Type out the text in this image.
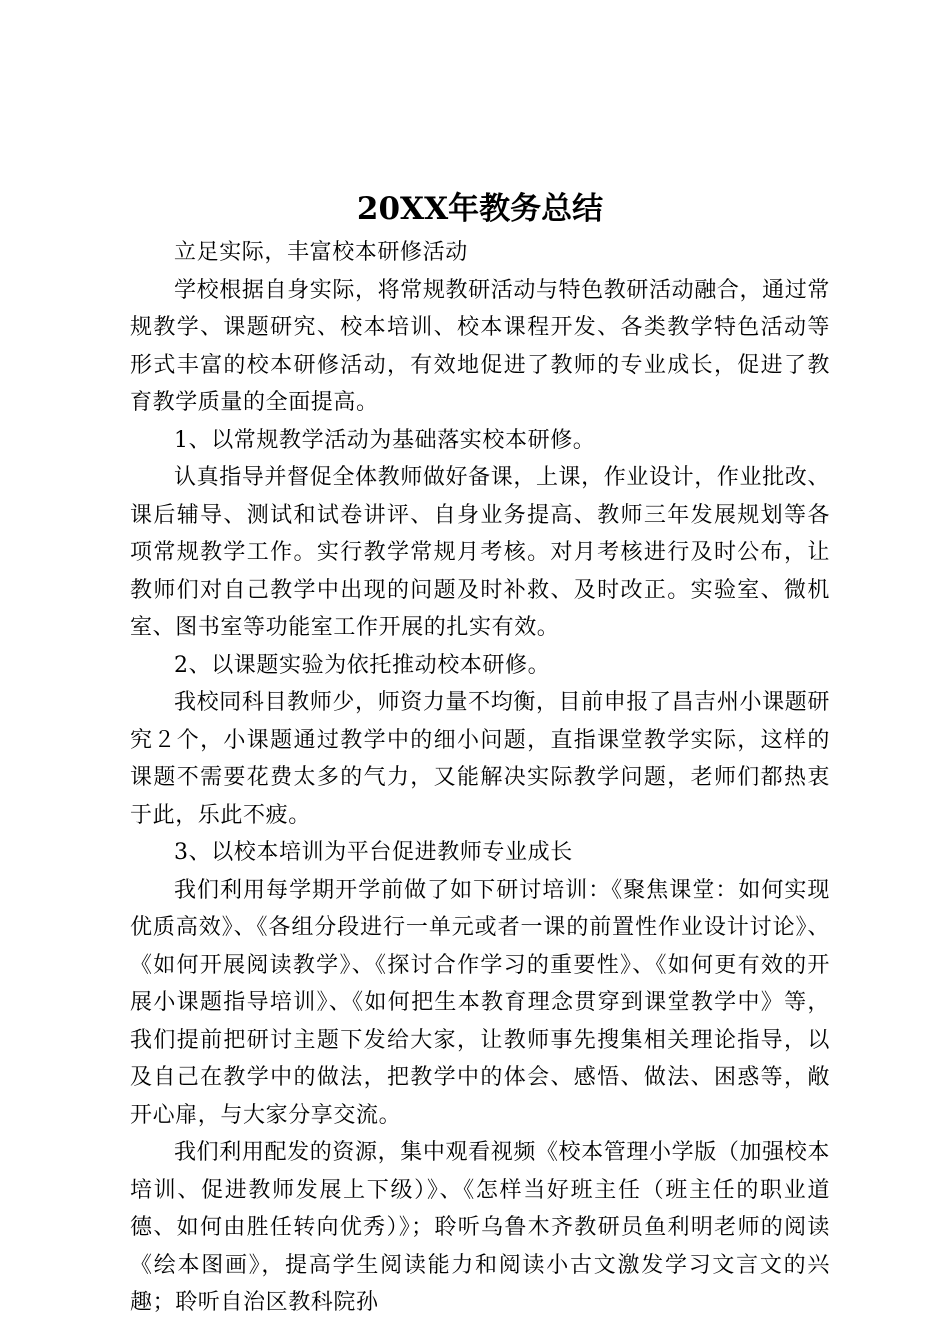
20XX年教务总结

立足实际，丰富校本研修活动

学校根据自身实际，将常规教研活动与特色教研活动融合，通过常规教学、课题研究、校本培训、校本课程开发、各类教学特色活动等形式丰富的校本研修活动，有效地促进了教师的专业成长，促进了教育教学质量的全面提高。

1、以常规教学活动为基础落实校本研修。

认真指导并督促全体教师做好备课，上课，作业设计，作业批改、课后辅导、测试和试卷讲评、自身业务提高、教师三年发展规划等各项常规教学工作。实行教学常规月考核。对月考核进行及时公布，让教师们对自己教学中出现的问题及时补救、及时改正。实验室、微机室、图书室等功能室工作开展的扎实有效。

2、以课题实验为依托推动校本研修。

我校同科目教师少，师资力量不均衡，目前申报了昌吉州小课题研究２个，小课题通过教学中的细小问题，直指课堂教学实际，这样的课题不需要花费太多的气力，又能解决实际教学问题，老师们都热衷于此，乐此不疲。

3、以校本培训为平台促进教师专业成长

我们利用每学期开学前做了如下研讨培训：《聚焦课堂：如何实现优质高效》、《各组分段进行一单元或者一课的前置性作业设计讨论》、《如何开展阅读教学》、《探讨合作学习的重要性》、《如何更有效的开展小课题指导培训》、《如何把生本教育理念贯穿到课堂教学中》等，我们提前把研讨主题下发给大家，让教师事先搜集相关理论指导，以及自己在教学中的做法，把教学中的体会、感悟、做法、困惑等，敞开心扉，与大家分享交流。

我们利用配发的资源，集中观看视频《校本管理小学版（加强校本培训、促进教师发展上下级）》、《怎样当好班主任（班主任的职业道德、如何由胜任转向优秀）》；聆听乌鲁木齐教研员鱼利明老师的阅读《绘本图画》，提高学生阅读能力和阅读小古文激发学习文言文的兴趣；聆听自治区教科院孙
